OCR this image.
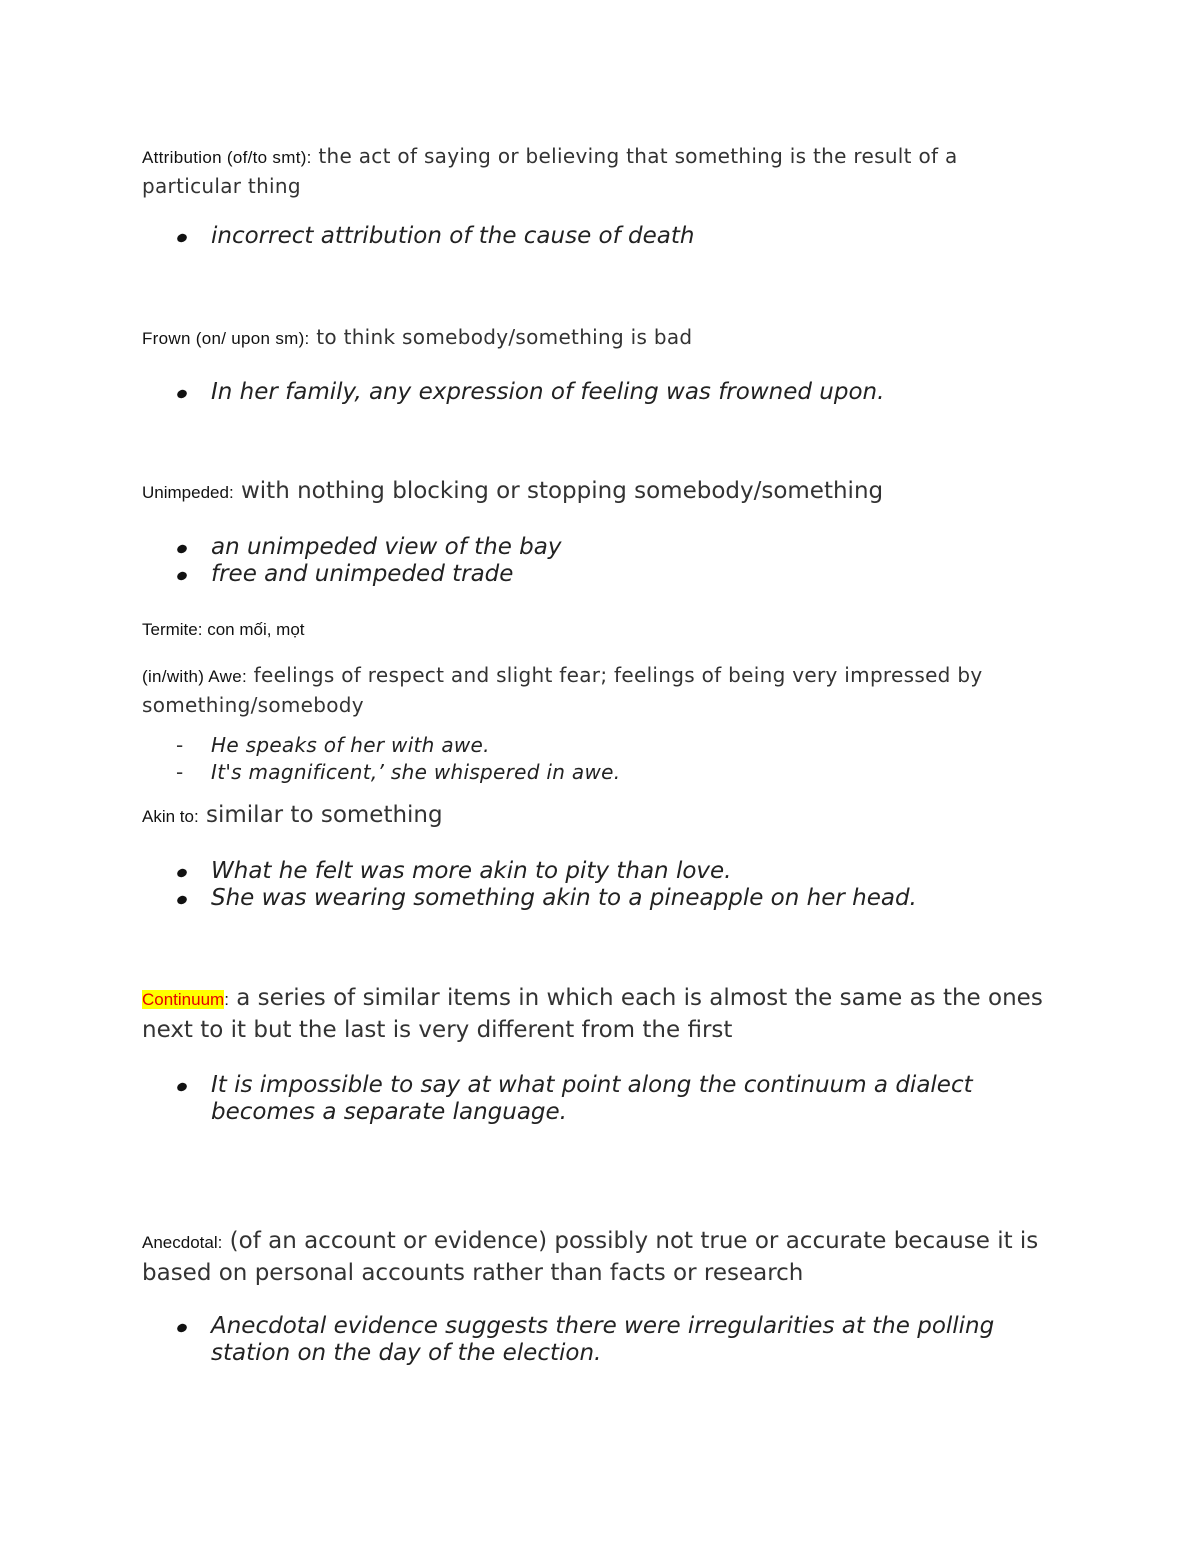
Attribution (of/to smt): the act of saying or believing that something is the result of a particular thing
incorrect attribution of the cause of death
Frown (on/ upon sm): to think somebody/something is bad
In her family, any expression of feeling was frowned upon.
Unimpeded: with nothing blocking or stopping somebody/something
an unimpeded view of the bay
free and unimpeded trade
Termite: con mối, mọt
(in/with) Awe: feelings of respect and slight fear; feelings of being very impressed by something/somebody
- He speaks of her with awe.
- It's magnificent,’ she whispered in awe.
Akin to: similar to something
What he felt was more akin to pity than love.
She was wearing something akin to a pineapple on her head.
Continuum: a series of similar items in which each is almost the same as the ones next to it but the last is very different from the first
It is impossible to say at what point along the continuum a dialect becomes a separate language.
Anecdotal: (of an account or evidence) possibly not true or accurate because it is based on personal accounts rather than facts or research
Anecdotal evidence suggests there were irregularities at the polling station on the day of the election.
